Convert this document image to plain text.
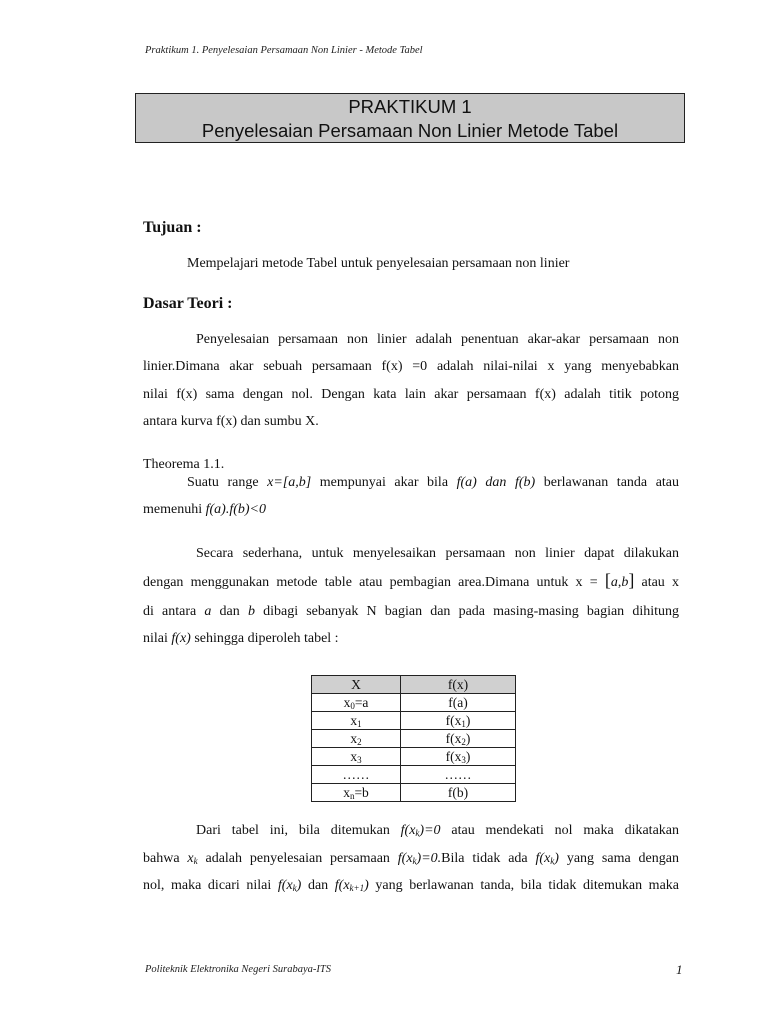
Praktikum 1. Penyelesaian Persamaan Non Linier - Metode Tabel
PRAKTIKUM 1
Penyelesaian Persamaan Non Linier Metode Tabel
Tujuan :
Mempelajari metode Tabel untuk penyelesaian persamaan non linier
Dasar Teori :
Penyelesaian persamaan non linier adalah penentuan akar-akar persamaan non
linier.Dimana akar sebuah persamaan f(x) =0 adalah nilai-nilai x yang menyebabkan
nilai f(x) sama dengan nol. Dengan kata lain akar persamaan f(x) adalah titik potong
antara kurva f(x) dan sumbu X.
Theorema 1.1.
Suatu range x=[a,b] mempunyai akar bila f(a) dan f(b) berlawanan tanda atau
memenuhi f(a).f(b)<0
Secara sederhana, untuk menyelesaikan persamaan non linier dapat dilakukan
dengan menggunakan metode table atau pembagian area.Dimana untuk x = [a,b] atau x
di antara a dan b dibagi sebanyak N bagian dan pada masing-masing bagian dihitung
nilai f(x) sehingga diperoleh tabel :
X	f(x)
$x_0=a$	f(a)
$x_1$	$f(x_1)$
$x_2$	$f(x_2)$
$x_3$	$f(x_3)$
……	……
$x_n=b$	f(b)
Dari tabel ini, bila ditemukan $f(x_k)=0$ atau mendekati nol maka dikatakan
bahwa $x_k$ adalah penyelesaian persamaan $f(x_k)=0.Bila$ tidak ada $f(x_k)$ yang sama dengan
nol, maka dicari nilai $f(x_k)$ dan $f(x_{k+1})$ yang berlawanan tanda, bila tidak ditemukan maka
Politeknik Elektronika Negeri Surabaya-ITS	1
